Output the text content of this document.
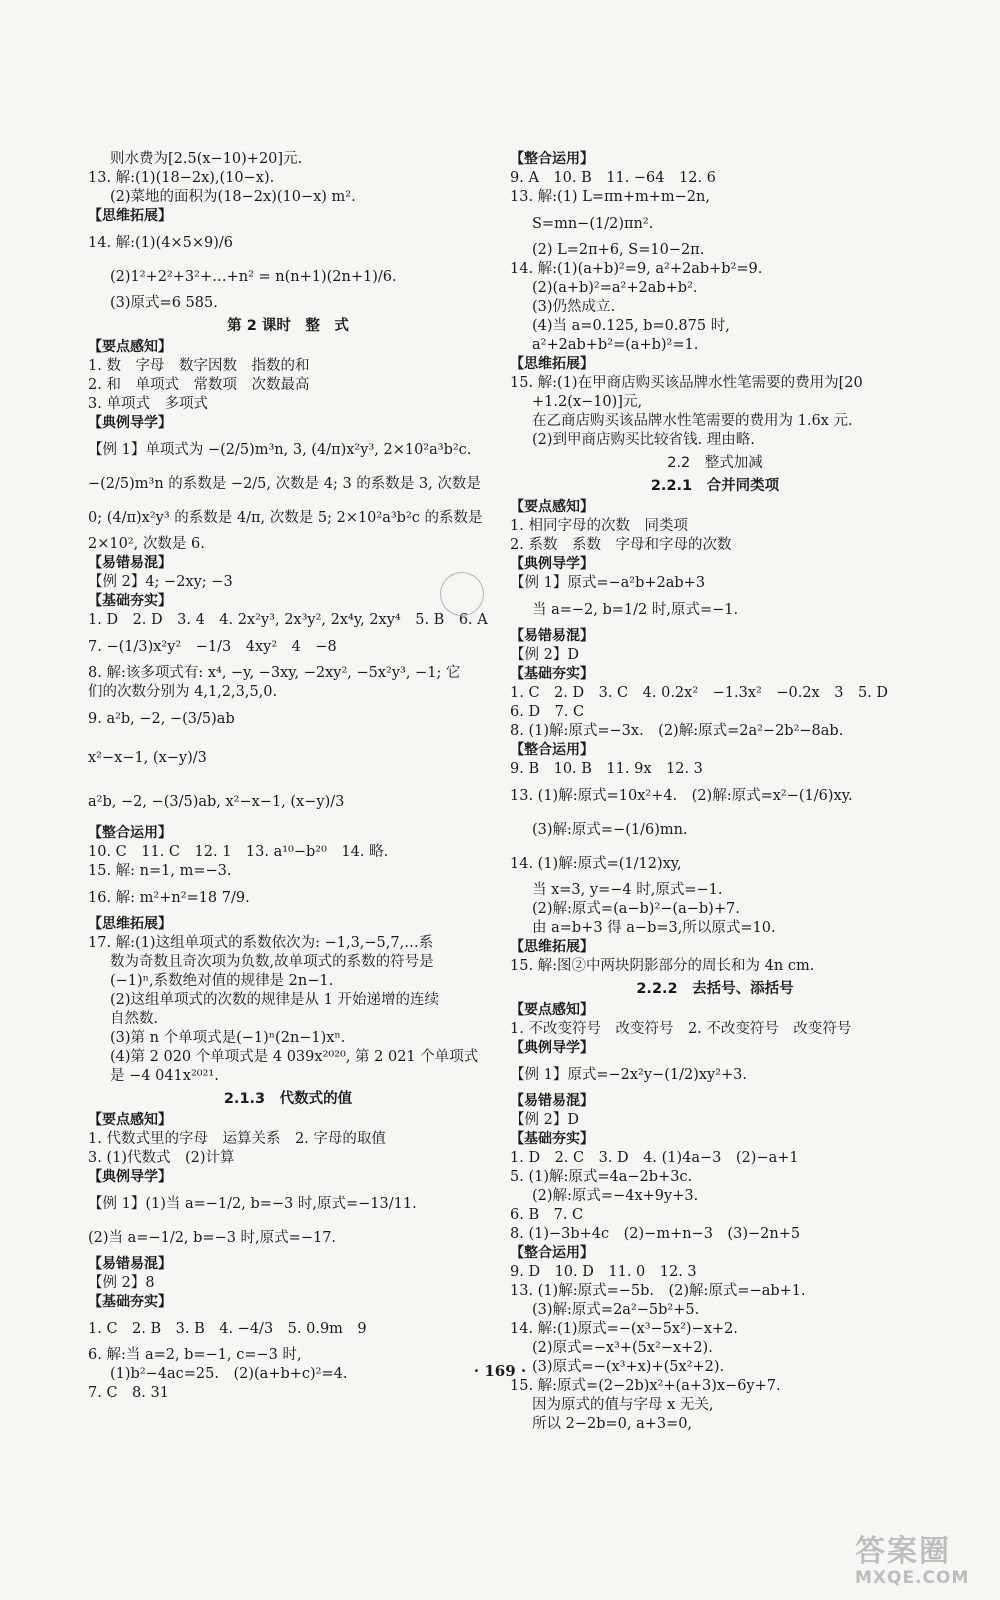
则水费为[2.5(x−10)+20]元.
13. 解:(1)(18−2x),(10−x).
(2)菜地的面积为(18−2x)(10−x) m².
【思维拓展】
14. 解:(1)(4×5×9)/6
(2)1²+2²+3²+…+n² = n(n+1)(2n+1)/6.
(3)原式=6 585.
第 2 课时　整　式
【要点感知】
1. 数　字母　数字因数　指数的和
2. 和　单项式　常数项　次数最高
3. 单项式　多项式
【典例导学】
【例 1】单项式为 −(2/5)m³n, 3, (4/π)x²y³, 2×10²a³b²c.
−(2/5)m³n 的系数是 −2/5, 次数是 4; 3 的系数是 3, 次数是
0; (4/π)x²y³ 的系数是 4/π, 次数是 5; 2×10²a³b²c 的系数是
2×10², 次数是 6.
【易错易混】
【例 2】4; −2xy; −3
【基础夯实】
1. D　2. D　3. 4　4. 2x²y³, 2x³y², 2x⁴y, 2xy⁴　5. B　6. A
7. −(1/3)x²y²　−1/3　4xy²　4　−8
8. 解:该多项式有: x⁴, −y, −3xy, −2xy², −5x²y³, −1; 它
们的次数分别为 4,1,2,3,5,0.
9. a²b, −2, −(3/5)ab
x²−x−1, (x−y)/3
a²b, −2, −(3/5)ab, x²−x−1, (x−y)/3
【整合运用】
10. C　11. C　12. 1　13. a¹⁰−b²⁰　14. 略.
15. 解: n=1, m=−3.
16. 解: m²+n²=18 7/9.
【思维拓展】
17. 解:(1)这组单项式的系数依次为: −1,3,−5,7,…系
数为奇数且奇次项为负数,故单项式的系数的符号是
(−1)ⁿ,系数绝对值的规律是 2n−1.
(2)这组单项式的次数的规律是从 1 开始递增的连续
自然数.
(3)第 n 个单项式是(−1)ⁿ(2n−1)xⁿ.
(4)第 2 020 个单项式是 4 039x²⁰²⁰, 第 2 021 个单项式
是 −4 041x²⁰²¹.
2.1.3　代数式的值
【要点感知】
1. 代数式里的字母　运算关系　2. 字母的取值
3. (1)代数式　(2)计算
【典例导学】
【例 1】(1)当 a=−1/2, b=−3 时,原式=−13/11.
(2)当 a=−1/2, b=−3 时,原式=−17.
【易错易混】
【例 2】8
【基础夯实】
1. C　2. B　3. B　4. −4/3　5. 0.9m　9
6. 解:当 a=2, b=−1, c=−3 时,
(1)b²−4ac=25.　(2)(a+b+c)²=4.
7. C　8. 31
【整合运用】
9. A　10. B　11. −64　12. 6
13. 解:(1) L=πn+m+m−2n,
S=mn−(1/2)πn².
(2) L=2π+6, S=10−2π.
14. 解:(1)(a+b)²=9, a²+2ab+b²=9.
(2)(a+b)²=a²+2ab+b².
(3)仍然成立.
(4)当 a=0.125, b=0.875 时,
a²+2ab+b²=(a+b)²=1.
【思维拓展】
15. 解:(1)在甲商店购买该品牌水性笔需要的费用为[20
+1.2(x−10)]元,
在乙商店购买该品牌水性笔需要的费用为 1.6x 元.
(2)到甲商店购买比较省钱. 理由略.
2.2　整式加减
2.2.1　合并同类项
【要点感知】
1. 相同字母的次数　同类项
2. 系数　系数　字母和字母的次数
【典例导学】
【例 1】原式=−a²b+2ab+3
当 a=−2, b=1/2 时,原式=−1.
【易错易混】
【例 2】D
【基础夯实】
1. C　2. D　3. C　4. 0.2x²　−1.3x²　−0.2x　3　5. D
6. D　7. C
8. (1)解:原式=−3x.　(2)解:原式=2a²−2b²−8ab.
【整合运用】
9. B　10. B　11. 9x　12. 3
13. (1)解:原式=10x²+4.　(2)解:原式=x²−(1/6)xy.
(3)解:原式=−(1/6)mn.
14. (1)解:原式=(1/12)xy,
当 x=3, y=−4 时,原式=−1.
(2)解:原式=(a−b)²−(a−b)+7.
由 a=b+3 得 a−b=3,所以原式=10.
【思维拓展】
15. 解:图②中两块阴影部分的周长和为 4n cm.
2.2.2　去括号、添括号
【要点感知】
1. 不改变符号　改变符号　2. 不改变符号　改变符号
【典例导学】
【例 1】原式=−2x²y−(1/2)xy²+3.
【易错易混】
【例 2】D
【基础夯实】
1. D　2. C　3. D　4. (1)4a−3　(2)−a+1
5. (1)解:原式=4a−2b+3c.
(2)解:原式=−4x+9y+3.
6. B　7. C
8. (1)−3b+4c　(2)−m+n−3　(3)−2n+5
【整合运用】
9. D　10. D　11. 0　12. 3
13. (1)解:原式=−5b.　(2)解:原式=−ab+1.
(3)解:原式=2a²−5b²+5.
14. 解:(1)原式=−(x³−5x²)−x+2.
(2)原式=−x³+(5x²−x+2).
(3)原式=−(x³+x)+(5x²+2).
15. 解:原式=(2−2b)x²+(a+3)x−6y+7.
因为原式的值与字母 x 无关,
所以 2−2b=0, a+3=0,
· 169 ·
答案圈
MXQE.COM
